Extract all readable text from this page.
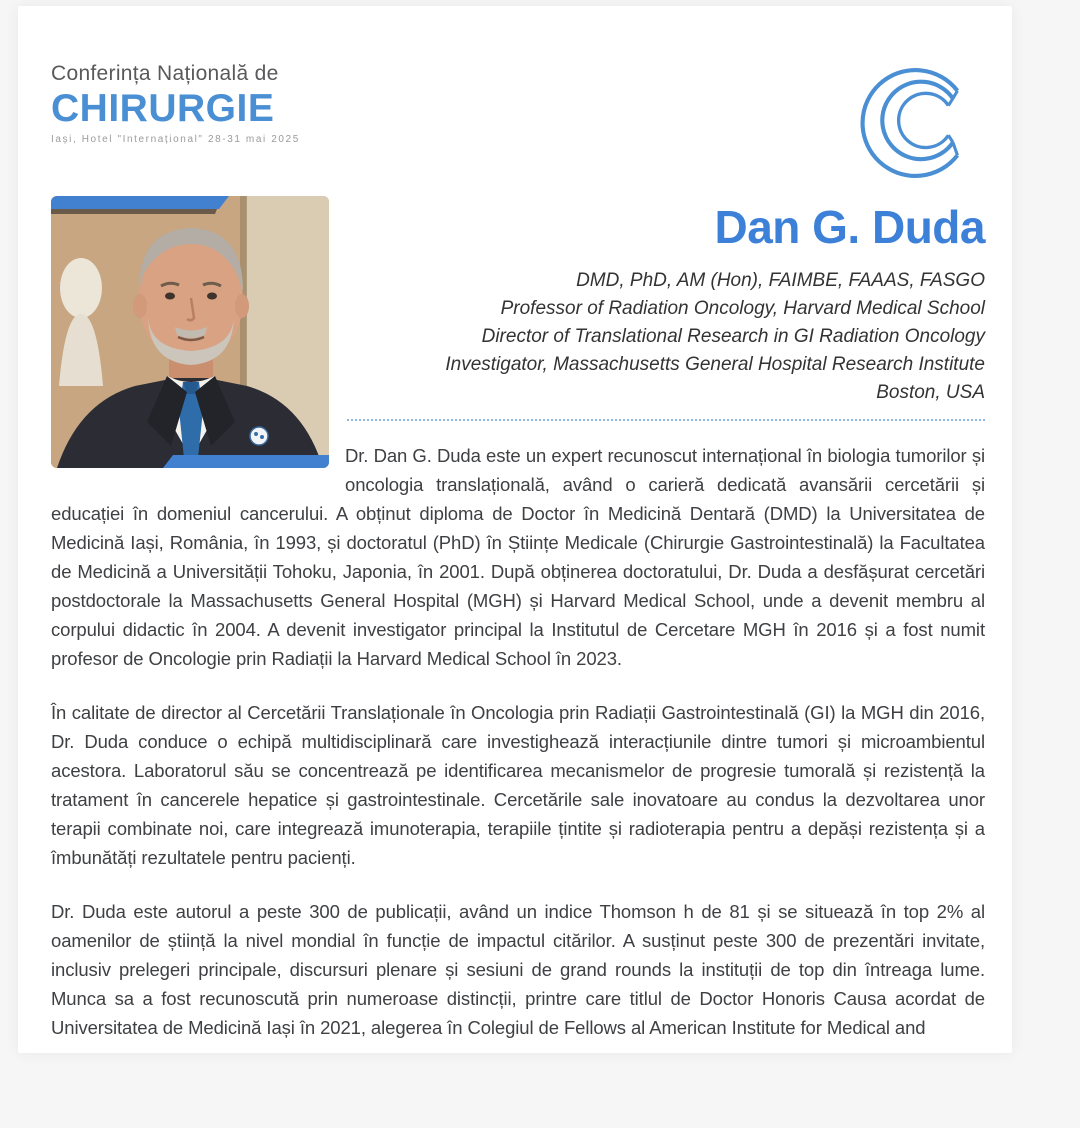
Conferința Națională de
CHIRURGIE
Iași, Hotel "Internațional" 28-31 mai 2025
Dan G. Duda
DMD, PhD, AM (Hon), FAIMBE, FAAAS, FASGO
Professor of Radiation Oncology, Harvard Medical School
Director of Translational Research in GI Radiation Oncology
Investigator, Massachusetts General Hospital Research Institute
Boston, USA

Dr. Dan G. Duda este un expert recunoscut internațional în biologia tumorilor și oncologia translațională, având o carieră dedicată avansării cercetării și educației în domeniul cancerului. A obținut diploma de Doctor în Medicină Dentară (DMD) la Universitatea de Medicină Iași, România, în 1993, și doctoratul (PhD) în Științe Medicale (Chirurgie Gastrointestinală) la Facultatea de Medicină a Universității Tohoku, Japonia, în 2001. După obținerea doctoratului, Dr. Duda a desfășurat cercetări postdoctorale la Massachusetts General Hospital (MGH) și Harvard Medical School, unde a devenit membru al corpului didactic în 2004. A devenit investigator principal la Institutul de Cercetare MGH în 2016 și a fost numit profesor de Oncologie prin Radiații la Harvard Medical School în 2023.

În calitate de director al Cercetării Translaționale în Oncologia prin Radiații Gastrointestinală (GI) la MGH din 2016, Dr. Duda conduce o echipă multidisciplinară care investighează interacțiunile dintre tumori și microambientul acestora. Laboratorul său se concentrează pe identificarea mecanismelor de progresie tumorală și rezistență la tratament în cancerele hepatice și gastrointestinale. Cercetările sale inovatoare au condus la dezvoltarea unor terapii combinate noi, care integrează imunoterapia, terapiile țintite și radioterapia pentru a depăși rezistența și a îmbunătăți rezultatele pentru pacienți.

Dr. Duda este autorul a peste 300 de publicații, având un indice Thomson h de 81 și se situează în top 2% al oamenilor de știință la nivel mondial în funcție de impactul citărilor. A susținut peste 300 de prezentări invitate, inclusiv prelegeri principale, discursuri plenare și sesiuni de grand rounds la instituții de top din întreaga lume. Munca sa a fost recunoscută prin numeroase distincții, printre care titlul de Doctor Honoris Causa acordat de Universitatea de Medicină Iași în 2021, alegerea în Colegiul de Fellows al American Institute for Medical and
